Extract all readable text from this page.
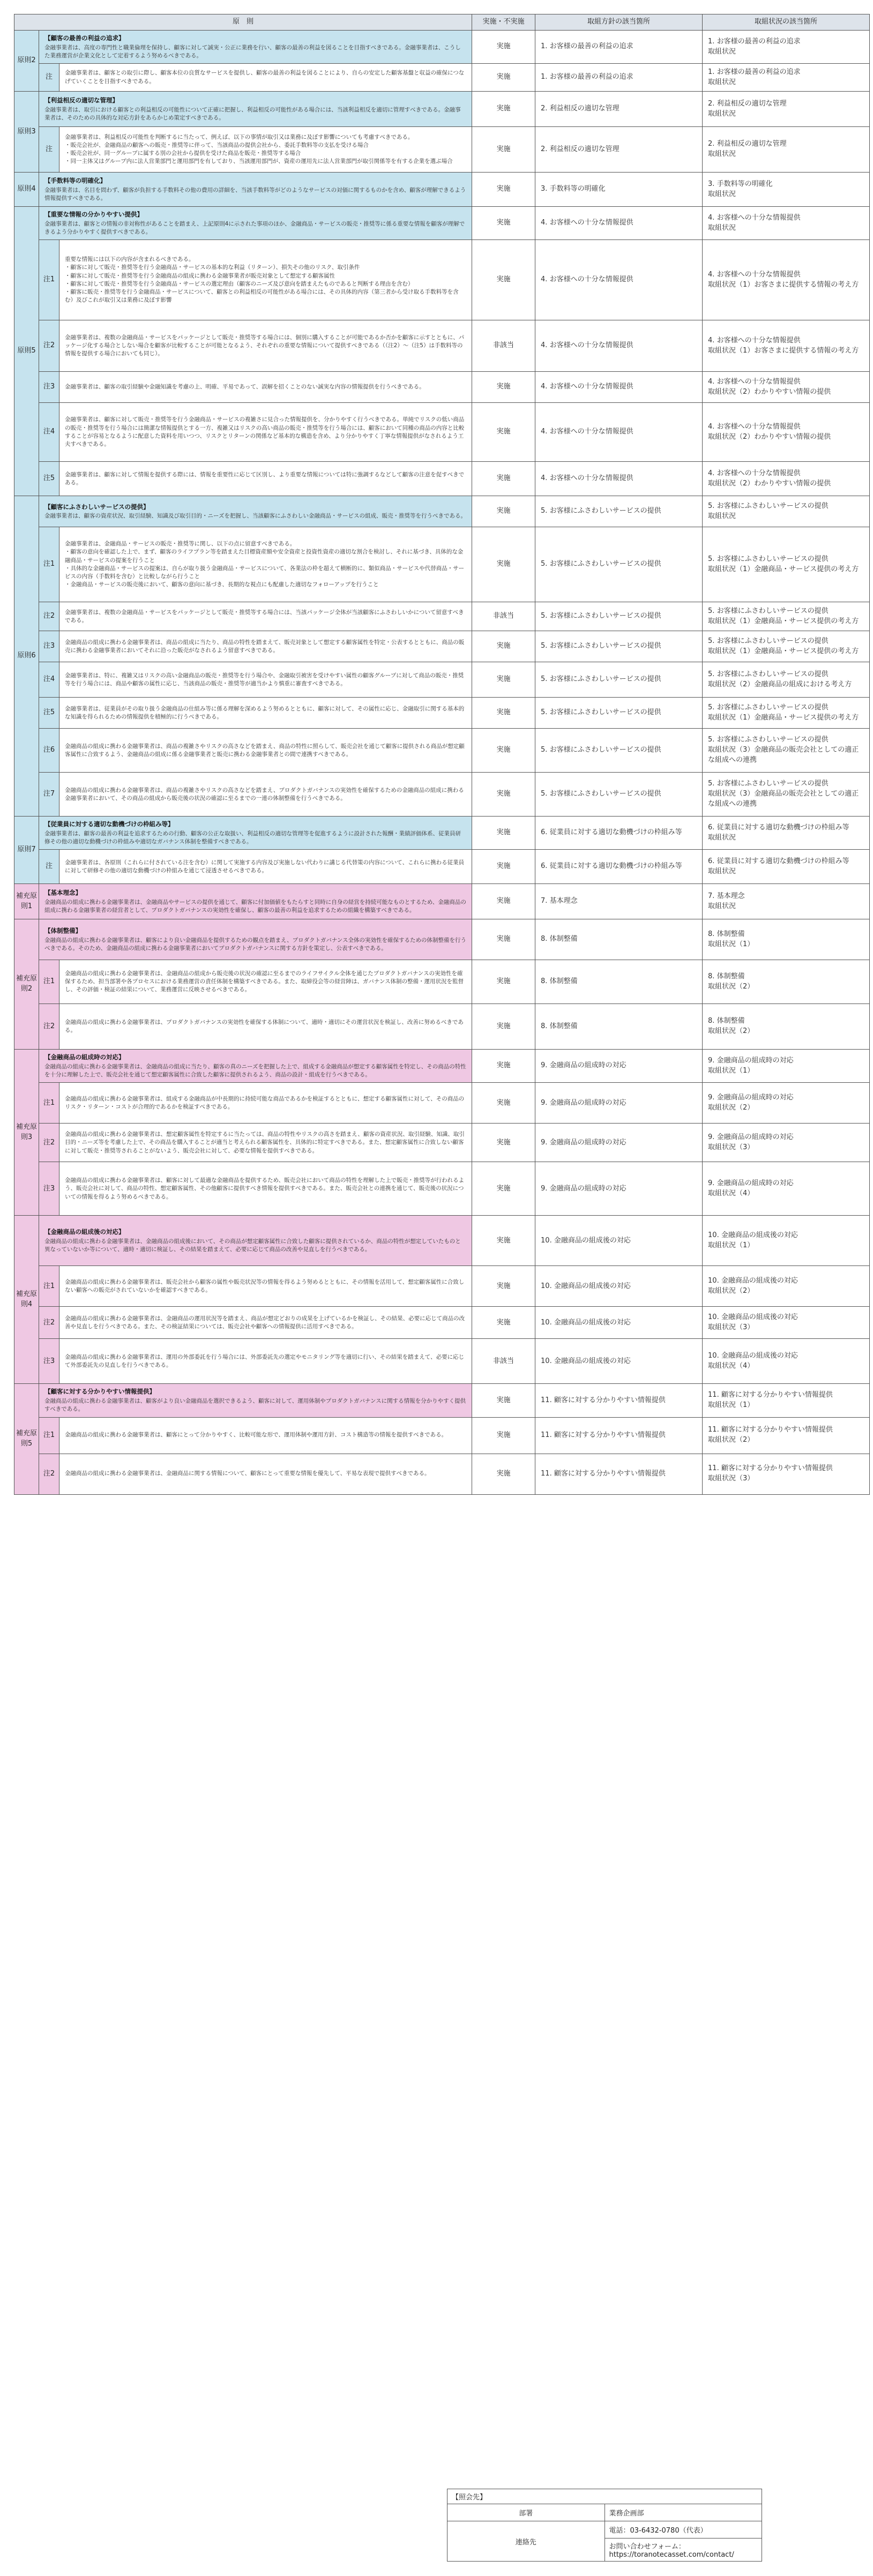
原　則			実施・不実施	取組方針の該当箇所	取組状況の該当箇所
原則2	【顧客の最善の利益の追求】
金融事業者は、高度の専門性と職業倫理を保持し、顧客に対して誠実・公正に業務を行い、顧客の最善の利益を図ることを目指すべきである。金融事業者は、こうした業務運営が企業文化として定着するよう努めるべきである。		実施	1. お客様の最善の利益の追求	1. お客様の最善の利益の追求
取組状況
	注	金融事業者は、顧客との取引に際し、顧客本位の良質なサービスを提供し、顧客の最善の利益を図ることにより、自らの安定した顧客基盤と収益の確保につなげていくことを目指すべきである。	実施	1. お客様の最善の利益の追求	1. お客様の最善の利益の追求
取組状況
原則3	【利益相反の適切な管理】
金融事業者は、取引における顧客との利益相反の可能性について正確に把握し、利益相反の可能性がある場合には、当該利益相反を適切に管理すべきである。金融事業者は、そのための具体的な対応方針をあらかじめ策定すべきである。		実施	2. 利益相反の適切な管理	2. 利益相反の適切な管理
取組状況
	注	金融事業者は、利益相反の可能性を判断するに当たって、例えば、以下の事情が取引又は業務に及ぼす影響についても考慮すべきである。
・販売会社が、金融商品の顧客への販売・推奨等に伴って、当該商品の提供会社から、委託手数料等の支払を受ける場合
・販売会社が、同一グループに属する別の会社から提供を受けた商品を販売・推奨等する場合
・同一主体又はグループ内に法人営業部門と運用部門を有しており、当該運用部門が、資産の運用先に法人営業部門が取引関係等を有する企業を選ぶ場合	実施	2. 利益相反の適切な管理	2. 利益相反の適切な管理
取組状況
原則4	【手数料等の明確化】
金融事業者は、名目を問わず、顧客が負担する手数料その他の費用の詳細を、当該手数料等がどのようなサービスの対価に関するものかを含め、顧客が理解できるよう情報提供すべきである。		実施	3. 手数料等の明確化	3. 手数料等の明確化
取組状況
原則5	【重要な情報の分かりやすい提供】
金融事業者は、顧客との情報の非対称性があることを踏まえ、上記原則4に示された事項のほか、金融商品・サービスの販売・推奨等に係る重要な情報を顧客が理解できるよう分かりやすく提供すべきである。		実施	4. お客様への十分な情報提供	4. お客様への十分な情報提供
取組状況
	注1	重要な情報には以下の内容が含まれるべきである。
・顧客に対して販売・推奨等を行う金融商品・サービスの基本的な利益（リターン）、損失その他のリスク、取引条件
・顧客に対して販売・推奨等を行う金融商品の組成に携わる金融事業者が販売対象として想定する顧客属性
・顧客に対して販売・推奨等を行う金融商品・サービスの選定理由（顧客のニーズ及び意向を踏まえたものであると判断する理由を含む）
・顧客に販売・推奨等を行う金融商品・サービスについて、顧客との利益相反の可能性がある場合には、その具体的内容（第三者から受け取る手数料等を含む）及びこれが取引又は業務に及ぼす影響	実施	4. お客様への十分な情報提供	4. お客様への十分な情報提供
取組状況（1）お客さまに提供する情報の考え方
	注2	金融事業者は、複数の金融商品・サービスをパッケージとして販売・推奨等する場合には、個別に購入することが可能であるか否かを顧客に示すとともに、パッケージ化する場合としない場合を顧客が比較することが可能となるよう、それぞれの重要な情報について提供すべきである（（注2）～（注5）は手数料等の情報を提供する場合においても同じ）。	非該当	4. お客様への十分な情報提供	4. お客様への十分な情報提供
取組状況（1）お客さまに提供する情報の考え方
	注3	金融事業者は、顧客の取引経験や金融知識を考慮の上、明確、平易であって、誤解を招くことのない誠実な内容の情報提供を行うべきである。	実施	4. お客様への十分な情報提供	4. お客様への十分な情報提供
取組状況（2）わかりやすい情報の提供
	注4	金融事業者は、顧客に対して販売・推奨等を行う金融商品・サービスの複雑さに見合った情報提供を、分かりやすく行うべきである。単純でリスクの低い商品の販売・推奨等を行う場合には簡潔な情報提供とする一方、複雑又はリスクの高い商品の販売・推奨等を行う場合には、顧客において同種の商品の内容と比較することが容易となるように配意した資料を用いつつ、リスクとリターンの関係など基本的な構造を含め、より分かりやすく丁寧な情報提供がなされるよう工夫すべきである。	実施	4. お客様への十分な情報提供	4. お客様への十分な情報提供
取組状況（2）わかりやすい情報の提供
	注5	金融事業者は、顧客に対して情報を提供する際には、情報を重要性に応じて区別し、より重要な情報については特に強調するなどして顧客の注意を促すべきである。	実施	4. お客様への十分な情報提供	4. お客様への十分な情報提供
取組状況（2）わかりやすい情報の提供
原則6	【顧客にふさわしいサービスの提供】
金融事業者は、顧客の資産状況、取引経験、知識及び取引目的・ニーズを把握し、当該顧客にふさわしい金融商品・サービスの組成、販売・推奨等を行うべきである。		実施	5. お客様にふさわしいサービスの提供	5. お客様にふさわしいサービスの提供
取組状況
	注1	金融事業者は、金融商品・サービスの販売・推奨等に関し、以下の点に留意すべきである。
・顧客の意向を確認した上で、まず、顧客のライフプラン等を踏まえた目標資産額や安全資産と投資性資産の適切な割合を検討し、それに基づき、具体的な金融商品・サービスの提案を行うこと
・具体的な金融商品・サービスの提案は、自らが取り扱う金融商品・サービスについて、各業法の枠を超えて横断的に、類似商品・サービスや代替商品・サービスの内容（手数料を含む）と比較しながら行うこと
・金融商品・サービスの販売後において、顧客の意向に基づき、長期的な視点にも配慮した適切なフォローアップを行うこと	実施	5. お客様にふさわしいサービスの提供	5. お客様にふさわしいサービスの提供
取組状況（1）金融商品・サービス提供の考え方
	注2	金融事業者は、複数の金融商品・サービスをパッケージとして販売・推奨等する場合には、当該パッケージ全体が当該顧客にふさわしいかについて留意すべきである。	非該当	5. お客様にふさわしいサービスの提供	5. お客様にふさわしいサービスの提供
取組状況（1）金融商品・サービス提供の考え方
	注3	金融商品の組成に携わる金融事業者は、商品の組成に当たり、商品の特性を踏まえて、販売対象として想定する顧客属性を特定・公表するとともに、商品の販売に携わる金融事業者においてそれに沿った販売がなされるよう留意すべきである。	実施	5. お客様にふさわしいサービスの提供	5. お客様にふさわしいサービスの提供
取組状況（1）金融商品・サービス提供の考え方
	注4	金融事業者は、特に、複雑又はリスクの高い金融商品の販売・推奨等を行う場合や、金融取引被害を受けやすい属性の顧客グループに対して商品の販売・推奨等を行う場合には、商品や顧客の属性に応じ、当該商品の販売・推奨等が適当かより慎重に審査すべきである。	実施	5. お客様にふさわしいサービスの提供	5. お客様にふさわしいサービスの提供
取組状況（2）金融商品の組成における考え方
	注5	金融事業者は、従業員がその取り扱う金融商品の仕組み等に係る理解を深めるよう努めるとともに、顧客に対して、その属性に応じ、金融取引に関する基本的な知識を得られるための情報提供を積極的に行うべきである。	実施	5. お客様にふさわしいサービスの提供	5. お客様にふさわしいサービスの提供
取組状況（1）金融商品・サービス提供の考え方
	注6	金融商品の組成に携わる金融事業者は、商品の複雑さやリスクの高さなどを踏まえ、商品の特性に照らして、販売会社を通じて顧客に提供される商品が想定顧客属性に合致するよう、金融商品の組成に係る金融事業者と販売に携わる金融事業者との間で連携すべきである。	実施	5. お客様にふさわしいサービスの提供	5. お客様にふさわしいサービスの提供
取組状況（3）金融商品の販売会社としての適正な組成への連携
	注7	金融商品の組成に携わる金融事業者は、商品の複雑さやリスクの高さなどを踏まえ、プロダクトガバナンスの実効性を確保するための金融商品の組成に携わる金融事業者において、その商品の組成から販売後の状況の確認に至るまでの一連の体制整備を行うべきである。	実施	5. お客様にふさわしいサービスの提供	5. お客様にふさわしいサービスの提供
取組状況（3）金融商品の販売会社としての適正な組成への連携
原則7	【従業員に対する適切な動機づけの枠組み等】
金融事業者は、顧客の最善の利益を追求するための行動、顧客の公正な取扱い、利益相反の適切な管理等を促進するように設計された報酬・業績評価体系、従業員研修その他の適切な動機づけの枠組みや適切なガバナンス体制を整備すべきである。		実施	6. 従業員に対する適切な動機づけの枠組み等	6. 従業員に対する適切な動機づけの枠組み等
取組状況
	注	金融事業者は、各原則（これらに付されている注を含む）に関して実施する内容及び実施しない代わりに講じる代替策の内容について、これらに携わる従業員に対して研修その他の適切な動機づけの枠組みを通じて浸透させるべきである。	実施	6. 従業員に対する適切な動機づけの枠組み等	6. 従業員に対する適切な動機づけの枠組み等
取組状況
補充原則1	【基本理念】
金融商品の組成に携わる金融事業者は、金融商品やサービスの提供を通じて、顧客に付加価値をもたらすと同時に自身の経営を持続可能なものとするため、金融商品の組成に携わる金融事業者の経営者として、プロダクトガバナンスの実効性を確保し、顧客の最善の利益を追求するための組織を構築すべきである。		実施	7. 基本理念	7. 基本理念
取組状況
補充原則2	【体制整備】
金融商品の組成に携わる金融事業者は、顧客により良い金融商品を提供するための観点を踏まえ、プロダクトガバナンス全体の実効性を確保するための体制整備を行うべきである。そのため、金融商品の組成に携わる金融事業者においてプロダクトガバナンスに関する方針を策定し、公表すべきである。		実施	8. 体制整備	8. 体制整備
取組状況（1）
	注1	金融商品の組成に携わる金融事業者は、金融商品の組成から販売後の状況の確認に至るまでのライフサイクル全体を通じたプロダクトガバナンスの実効性を確保するため、担当部署や各プロセスにおける業務運営の責任体制を構築すべきである。また、取締役会等の経営陣は、ガバナンス体制の整備・運用状況を監督し、その評価・検証の結果について、業務運営に反映させるべきである。	実施	8. 体制整備	8. 体制整備
取組状況（2）
	注2	金融商品の組成に携わる金融事業者は、プロダクトガバナンスの実効性を確保する体制について、適時・適切にその運営状況を検証し、改善に努めるべきである。	実施	8. 体制整備	8. 体制整備
取組状況（2）
補充原則3	【金融商品の組成時の対応】
金融商品の組成に携わる金融事業者は、金融商品の組成に当たり、顧客の真のニーズを把握した上で、組成する金融商品が想定する顧客属性を特定し、その商品の特性を十分に理解した上で、販売会社を通じて想定顧客属性に合致した顧客に提供されるよう、商品の設計・組成を行うべきである。		実施	9. 金融商品の組成時の対応	9. 金融商品の組成時の対応
取組状況（1）
	注1	金融商品の組成に携わる金融事業者は、組成する金融商品が中長期的に持続可能な商品であるかを検証するとともに、想定する顧客属性に対して、その商品のリスク・リターン・コストが合理的であるかを検証すべきである。	実施	9. 金融商品の組成時の対応	9. 金融商品の組成時の対応
取組状況（2）
	注2	金融商品の組成に携わる金融事業者は、想定顧客属性を特定するに当たっては、商品の特性やリスクの高さを踏まえ、顧客の資産状況、取引経験、知識、取引目的・ニーズ等を考慮した上で、その商品を購入することが適当と考えられる顧客属性を、具体的に特定すべきである。また、想定顧客属性に合致しない顧客に対して販売・推奨等されることがないよう、販売会社に対して、必要な情報を提供すべきである。	実施	9. 金融商品の組成時の対応	9. 金融商品の組成時の対応
取組状況（3）
	注3	金融商品の組成に携わる金融事業者は、顧客に対して最適な金融商品を提供するため、販売会社において商品の特性を理解した上で販売・推奨等が行われるよう、販売会社に対して、商品の特性、想定顧客属性、その他顧客に提供すべき情報を提供すべきである。また、販売会社との連携を通じて、販売後の状況についての情報を得るよう努めるべきである。	実施	9. 金融商品の組成時の対応	9. 金融商品の組成時の対応
取組状況（4）
補充原則4	【金融商品の組成後の対応】
金融商品の組成に携わる金融事業者は、金融商品の組成後において、その商品が想定顧客属性に合致した顧客に提供されているか、商品の特性が想定していたものと異なっていないか等について、適時・適切に検証し、その結果を踏まえて、必要に応じて商品の改善や見直しを行うべきである。		実施	10. 金融商品の組成後の対応	10. 金融商品の組成後の対応
取組状況（1）
	注1	金融商品の組成に携わる金融事業者は、販売会社から顧客の属性や販売状況等の情報を得るよう努めるとともに、その情報を活用して、想定顧客属性に合致しない顧客への販売がされていないかを確認すべきである。	実施	10. 金融商品の組成後の対応	10. 金融商品の組成後の対応
取組状況（2）
	注2	金融商品の組成に携わる金融事業者は、金融商品の運用状況等を踏まえ、商品が想定どおりの成果を上げているかを検証し、その結果、必要に応じて商品の改善や見直しを行うべきである。また、その検証結果については、販売会社や顧客への情報提供に活用すべきである。	実施	10. 金融商品の組成後の対応	10. 金融商品の組成後の対応
取組状況（3）
	注3	金融商品の組成に携わる金融事業者は、運用の外部委託を行う場合には、外部委託先の選定やモニタリング等を適切に行い、その結果を踏まえて、必要に応じて外部委託先の見直しを行うべきである。	非該当	10. 金融商品の組成後の対応	10. 金融商品の組成後の対応
取組状況（4）
補充原則5	【顧客に対する分かりやすい情報提供】
金融商品の組成に携わる金融事業者は、顧客がより良い金融商品を選択できるよう、顧客に対して、運用体制やプロダクトガバナンスに関する情報を分かりやすく提供すべきである。		実施	11. 顧客に対する分かりやすい情報提供	11. 顧客に対する分かりやすい情報提供
取組状況（1）
	注1	金融商品の組成に携わる金融事業者は、顧客にとって分かりやすく、比較可能な形で、運用体制や運用方針、コスト構造等の情報を提供すべきである。	実施	11. 顧客に対する分かりやすい情報提供	11. 顧客に対する分かりやすい情報提供
取組状況（2）
	注2	金融商品の組成に携わる金融事業者は、金融商品に関する情報について、顧客にとって重要な情報を優先して、平易な表現で提供すべきである。	実施	11. 顧客に対する分かりやすい情報提供	11. 顧客に対する分かりやすい情報提供
取組状況（3）
【照会先】	
部署	業務企画部
連絡先	電話：03-6432-0780（代表）
	お問い合わせフォーム：https://toranotecasset.com/contact/
